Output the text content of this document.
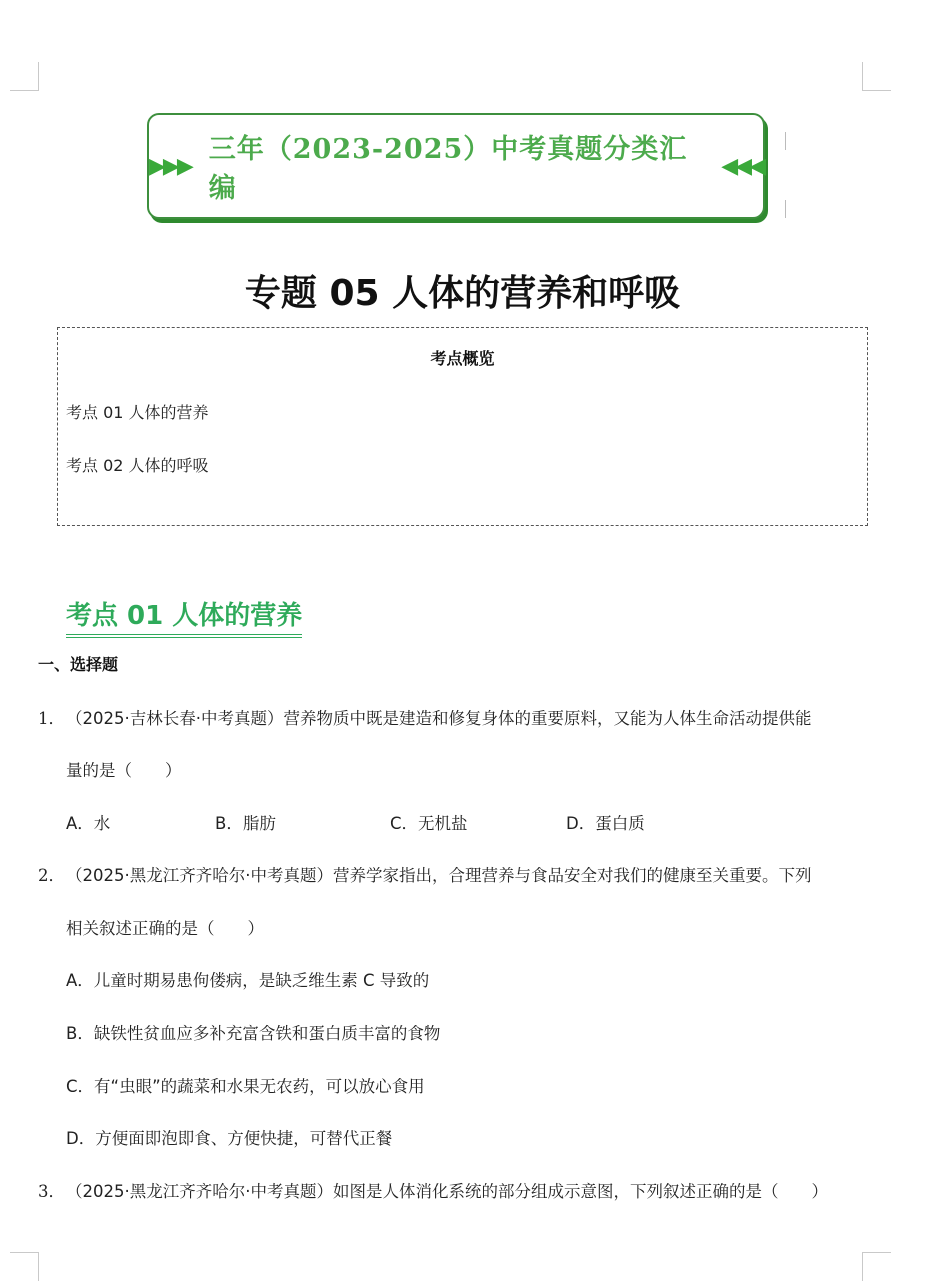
▶▶▶
三年（2023-2025）中考真题分类汇编
◀◀◀
专题 05 人体的营养和呼吸
考点概览
考点 01 人体的营养
考点 02 人体的呼吸
考点 01 人体的营养
一、选择题
1． （2025·吉林长春·中考真题）营养物质中既是建造和修复身体的重要原料，又能为人体生命活动提供能
量的是（　　）
A．水	B．脂肪	C．无机盐	D．蛋白质
2． （2025·黑龙江齐齐哈尔·中考真题）营养学家指出，合理营养与食品安全对我们的健康至关重要。下列
相关叙述正确的是（　　）
A．儿童时期易患佝偻病，是缺乏维生素 C 导致的
B．缺铁性贫血应多补充富含铁和蛋白质丰富的食物
C．有“虫眼”的蔬菜和水果无农药，可以放心食用
D．方便面即泡即食、方便快捷，可替代正餐
3． （2025·黑龙江齐齐哈尔·中考真题）如图是人体消化系统的部分组成示意图，下列叙述正确的是（　　）
